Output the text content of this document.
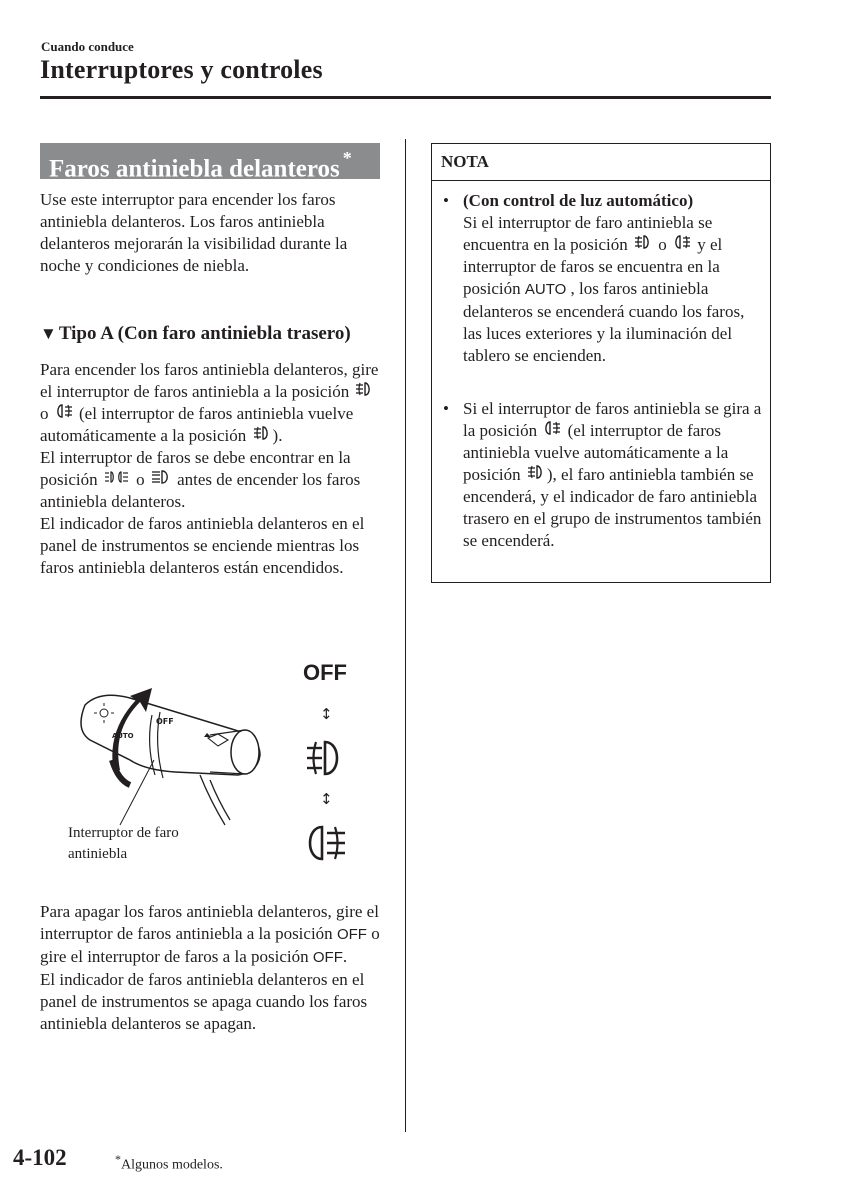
Cuando conduce
Interruptores y controles
Faros antiniebla delanteros *

Use este interruptor para encender los faros antiniebla delanteros. Los faros antiniebla delanteros mejorarán la visibilidad durante la noche y condiciones de niebla.

▼ Tipo A (Con faro antiniebla trasero)
Para encender los faros antiniebla delanteros, gire el interruptor de faros antiniebla a la posición  o (el interruptor de faros antiniebla vuelve automáticamente a la posición ).
El interruptor de faros se debe encontrar en la posición o antes de encender los faros antiniebla delanteros.
El indicador de faros antiniebla delanteros en el panel de instrumentos se enciende mientras los faros antiniebla delanteros están encendidos.
OFF
AUTO
Interruptor de faro antiniebla
OFF
↕
↕
Para apagar los faros antiniebla delanteros, gire el interruptor de faros antiniebla a la posición OFF o gire el interruptor de faros a la posición OFF.
El indicador de faros antiniebla delanteros en el panel de instrumentos se apaga cuando los faros antiniebla delanteros se apagan.
NOTA
• (Con control de luz automático)
Si el interruptor de faro antiniebla se encuentra en la posición o y el interruptor de faros se encuentra en la posición AUTO , los faros antiniebla delanteros se encenderá cuando los faros, las luces exteriores y la iluminación del tablero se encienden.
• Si el interruptor de faros antiniebla se gira a la posición (el interruptor de faros antiniebla vuelve automáticamente a la posición ), el faro antiniebla también se encenderá, y el indicador de faro antiniebla trasero en el grupo de instrumentos también se encenderá.
4-102	*Algunos modelos.
